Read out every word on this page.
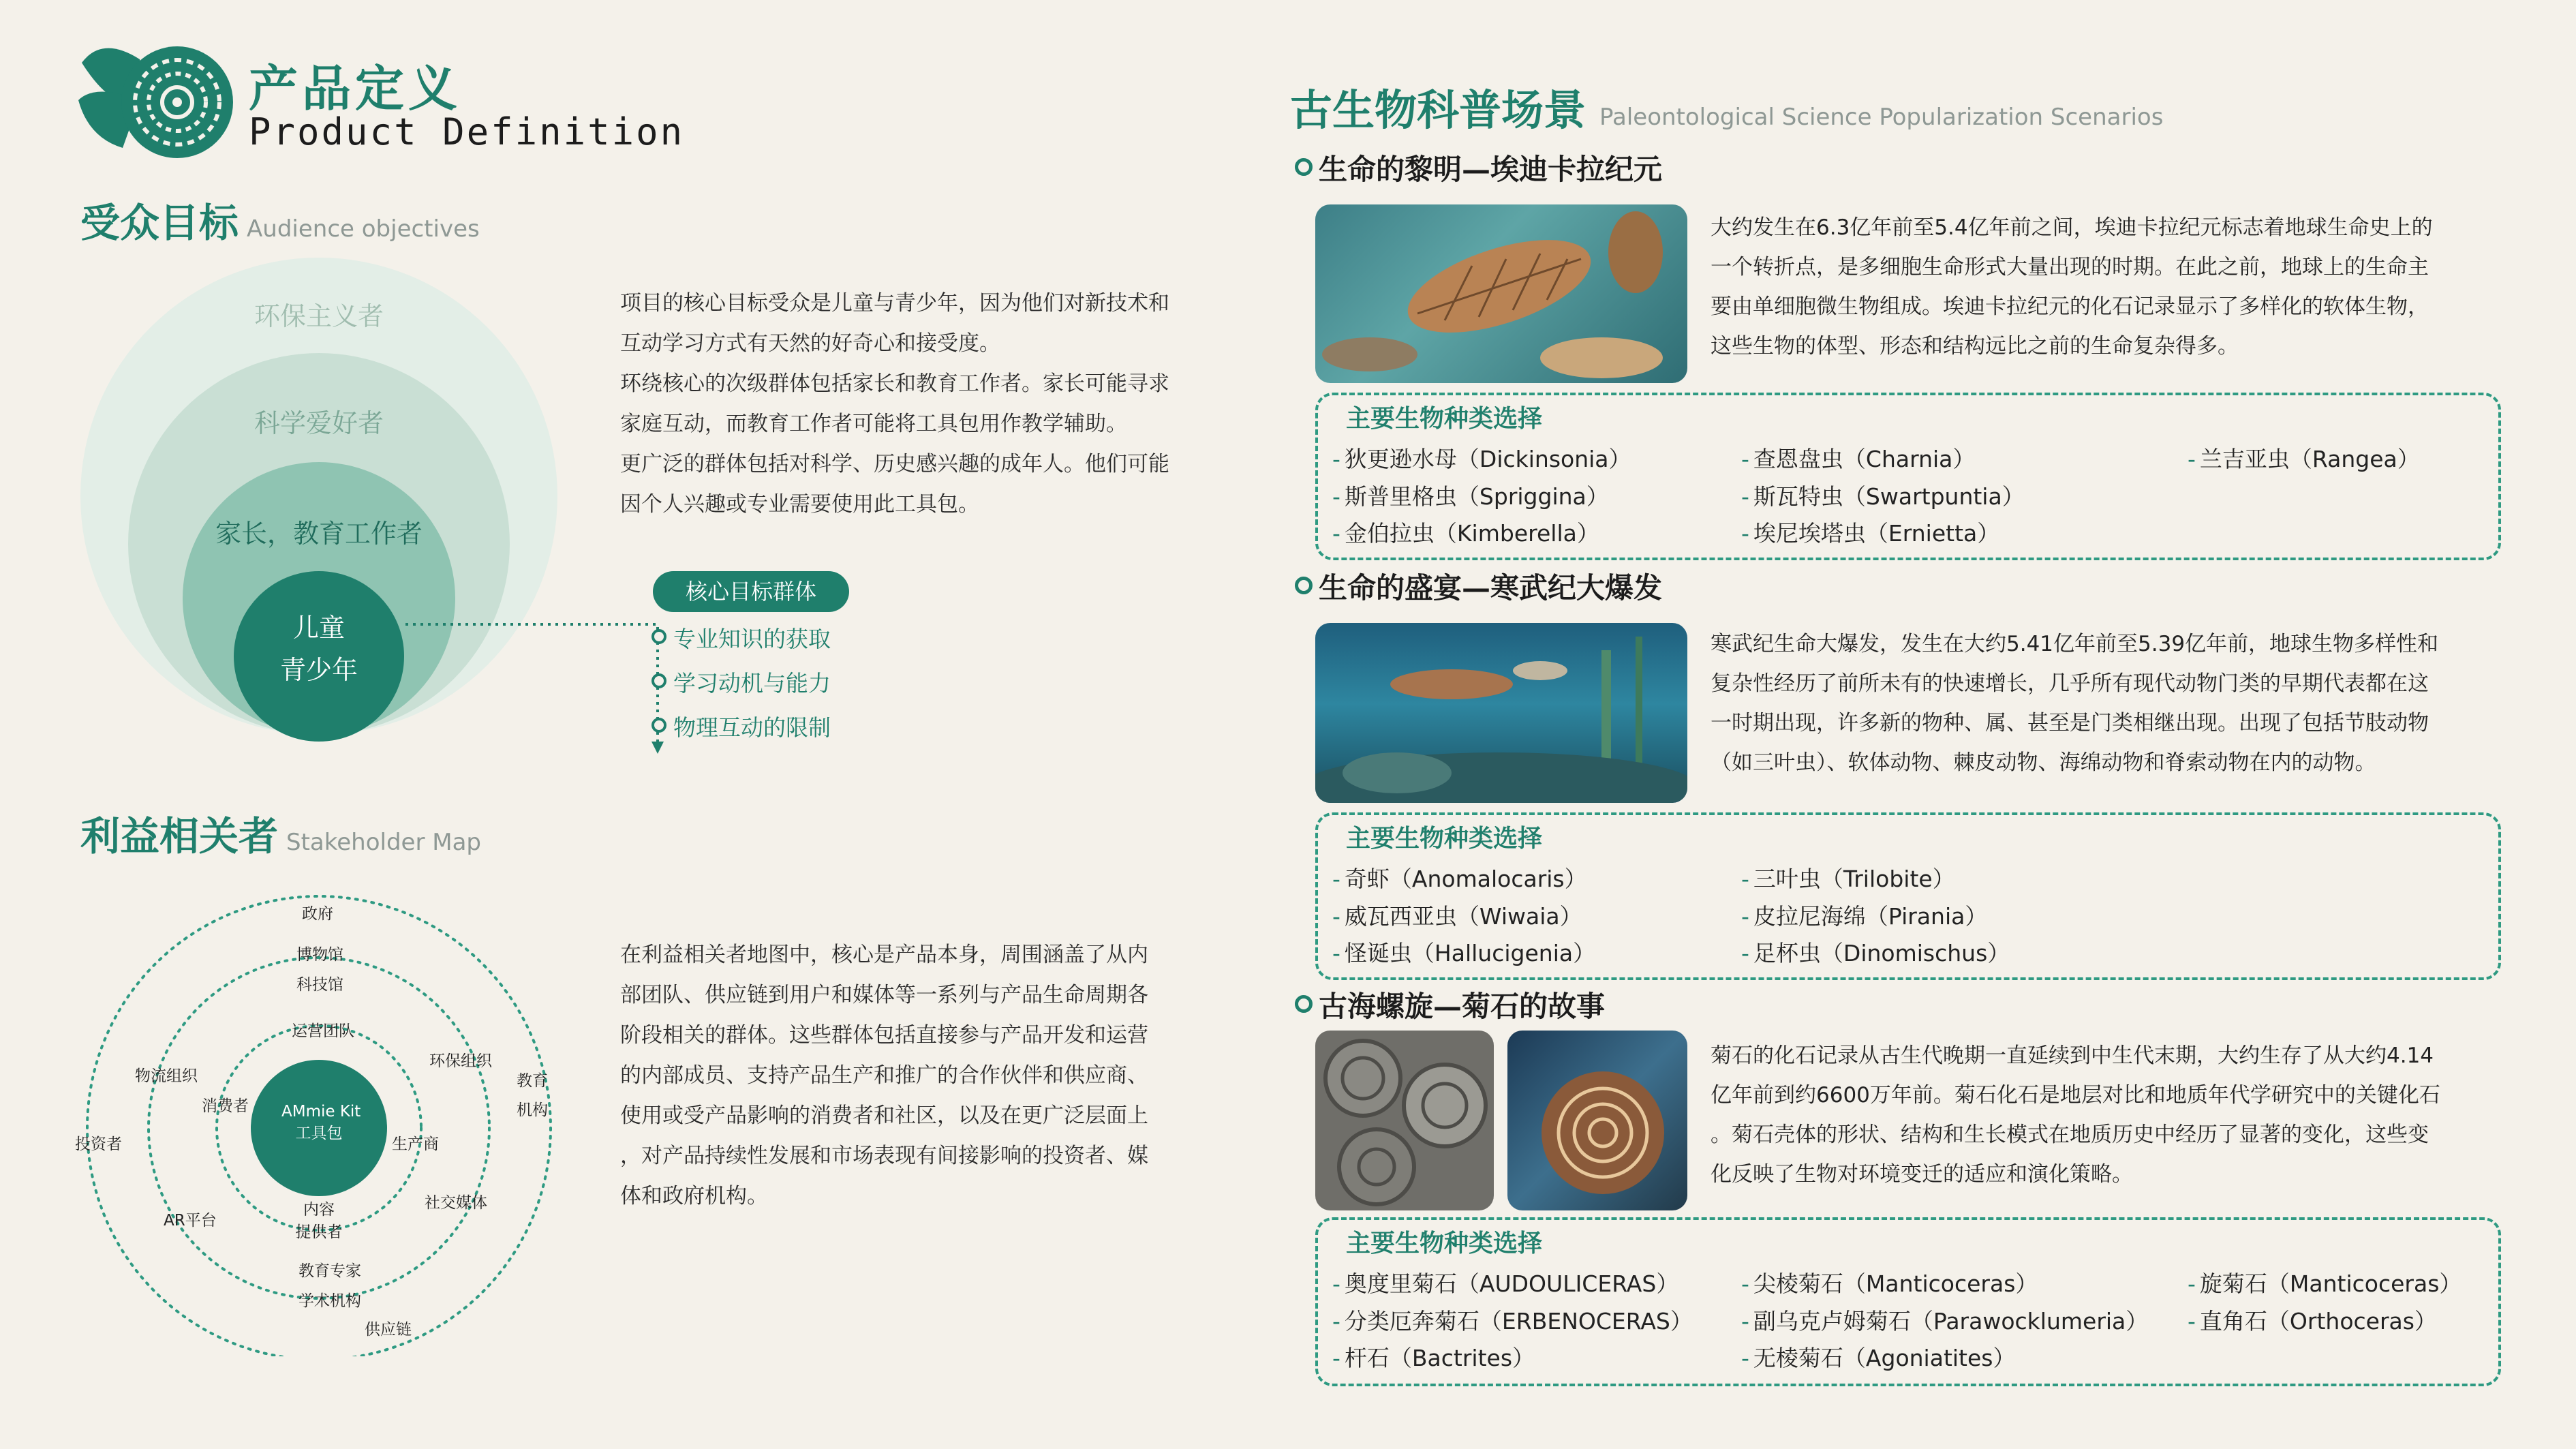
产品定义
Product Definition
受众目标 Audience objectives
环保主义者
科学爱好者
家长，教育工作者
儿童
青少年
项目的核心目标受众是儿童与青少年，因为他们对新技术和
互动学习方式有天然的好奇心和接受度。
环绕核心的次级群体包括家长和教育工作者。家长可能寻求
家庭互动，而教育工作者可能将工具包用作教学辅助。
更广泛的群体包括对科学、历史感兴趣的成年人。他们可能
因个人兴趣或专业需要使用此工具包。
核心目标群体
专业知识的获取
学习动机与能力
物理互动的限制
利益相关者 Stakeholder Map
AMmie Kit
工具包
政府
博物馆
科技馆
运营团队
物流组织
环保组织
教育
机构
消费者
生产商
投资者
AR平台
社交媒体
内容
提供者
教育专家
学术机构
供应链
在利益相关者地图中，核心是产品本身，周围涵盖了从内
部团队、供应链到用户和媒体等一系列与产品生命周期各
阶段相关的群体。这些群体包括直接参与产品开发和运营
的内部成员、支持产品生产和推广的合作伙伴和供应商、
使用或受产品影响的消费者和社区，以及在更广泛层面上
，对产品持续性发展和市场表现有间接影响的投资者、媒
体和政府机构。
古生物科普场景 Paleontological Science Popularization Scenarios
生命的黎明—埃迪卡拉纪元
大约发生在6.3亿年前至5.4亿年前之间，埃迪卡拉纪元标志着地球生命史上的
一个转折点，是多细胞生命形式大量出现的时期。在此之前，地球上的生命主
要由单细胞微生物组成。埃迪卡拉纪元的化石记录显示了多样化的软体生物，
这些生物的体型、形态和结构远比之前的生命复杂得多。
主要生物种类选择
- 狄更逊水母（Dickinsonia）	- 查恩盘虫（Charnia）	- 兰吉亚虫（Rangea）
- 斯普里格虫（Spriggina）	- 斯瓦特虫（Swartpuntia）
- 金伯拉虫（Kimberella）	- 埃尼埃塔虫（Ernietta）
生命的盛宴—寒武纪大爆发
寒武纪生命大爆发，发生在大约5.41亿年前至5.39亿年前，地球生物多样性和
复杂性经历了前所未有的快速增长，几乎所有现代动物门类的早期代表都在这
一时期出现，许多新的物种、属、甚至是门类相继出现。出现了包括节肢动物
（如三叶虫）、软体动物、棘皮动物、海绵动物和脊索动物在内的动物。
主要生物种类选择
- 奇虾（Anomalocaris）	- 三叶虫（Trilobite）
- 威瓦西亚虫（Wiwaia）	- 皮拉尼海绵（Pirania）
- 怪诞虫（Hallucigenia）	- 足杯虫（Dinomischus）
古海螺旋—菊石的故事
菊石的化石记录从古生代晚期一直延续到中生代末期，大约生存了从大约4.14
亿年前到约6600万年前。菊石化石是地层对比和地质年代学研究中的关键化石
。菊石壳体的形状、结构和生长模式在地质历史中经历了显著的变化，这些变
化反映了生物对环境变迁的适应和演化策略。
主要生物种类选择
- 奥度里菊石（AUDOULICERAS）	- 尖棱菊石（Manticoceras）	- 旋菊石（Manticoceras）
- 分类厄奔菊石（ERBENOCERAS） - 副乌克卢姆菊石（Parawocklumeria） - 直角石（Orthoceras）
- 杆石（Bactrites）	- 无棱菊石（Agoniatites）
